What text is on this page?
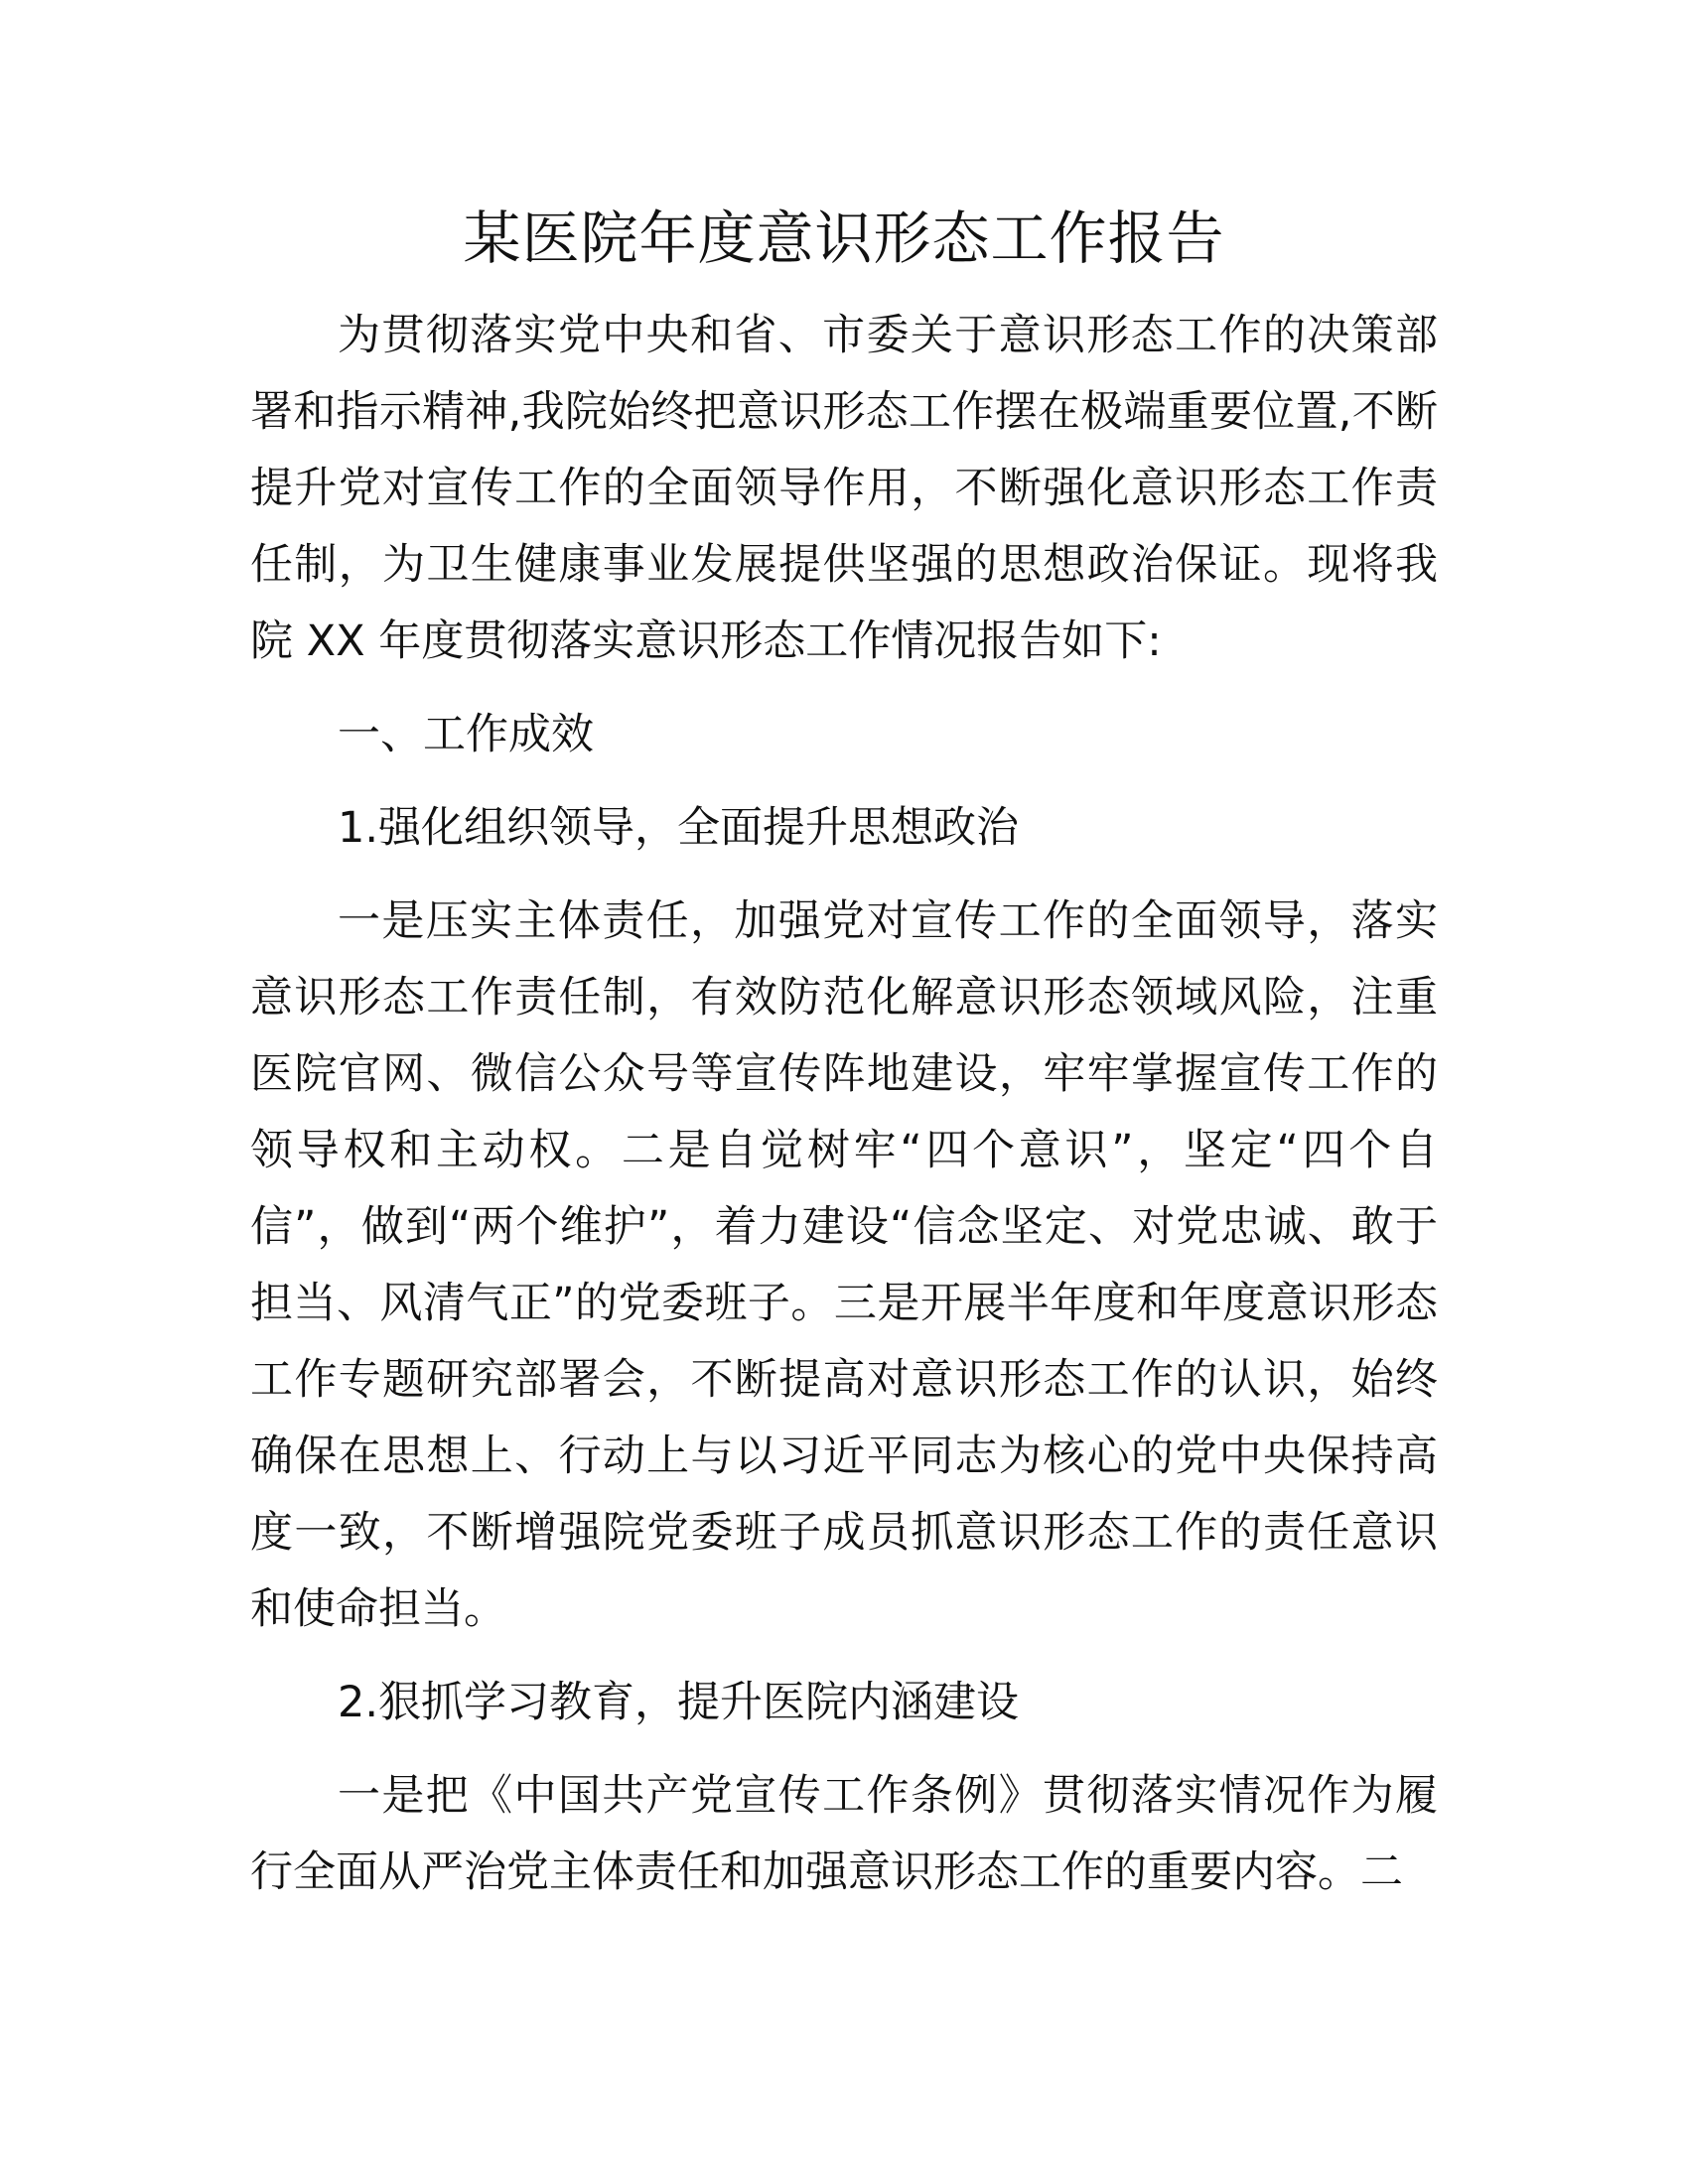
某医院年度意识形态工作报告

为贯彻落实党中央和省、市委关于意识形态工作的决策部署和指示精神,我院始终把意识形态工作摆在极端重要位置,不断提升党对宣传工作的全面领导作用，不断强化意识形态工作责任制，为卫生健康事业发展提供坚强的思想政治保证。现将我院 XX 年度贯彻落实意识形态工作情况报告如下:

一、工作成效

1.强化组织领导，全面提升思想政治

一是压实主体责任，加强党对宣传工作的全面领导，落实意识形态工作责任制，有效防范化解意识形态领域风险，注重医院官网、微信公众号等宣传阵地建设，牢牢掌握宣传工作的领导权和主动权。二是自觉树牢“四个意识”，坚定“四个自信”，做到“两个维护”，着力建设“信念坚定、对党忠诚、敢于担当、风清气正”的党委班子。三是开展半年度和年度意识形态工作专题研究部署会，不断提高对意识形态工作的认识，始终确保在思想上、行动上与以习近平同志为核心的党中央保持高度一致，不断增强院党委班子成员抓意识形态工作的责任意识和使命担当。

2.狠抓学习教育，提升医院内涵建设

一是把《中国共产党宣传工作条例》贯彻落实情况作为履行全面从严治党主体责任和加强意识形态工作的重要内容。二
